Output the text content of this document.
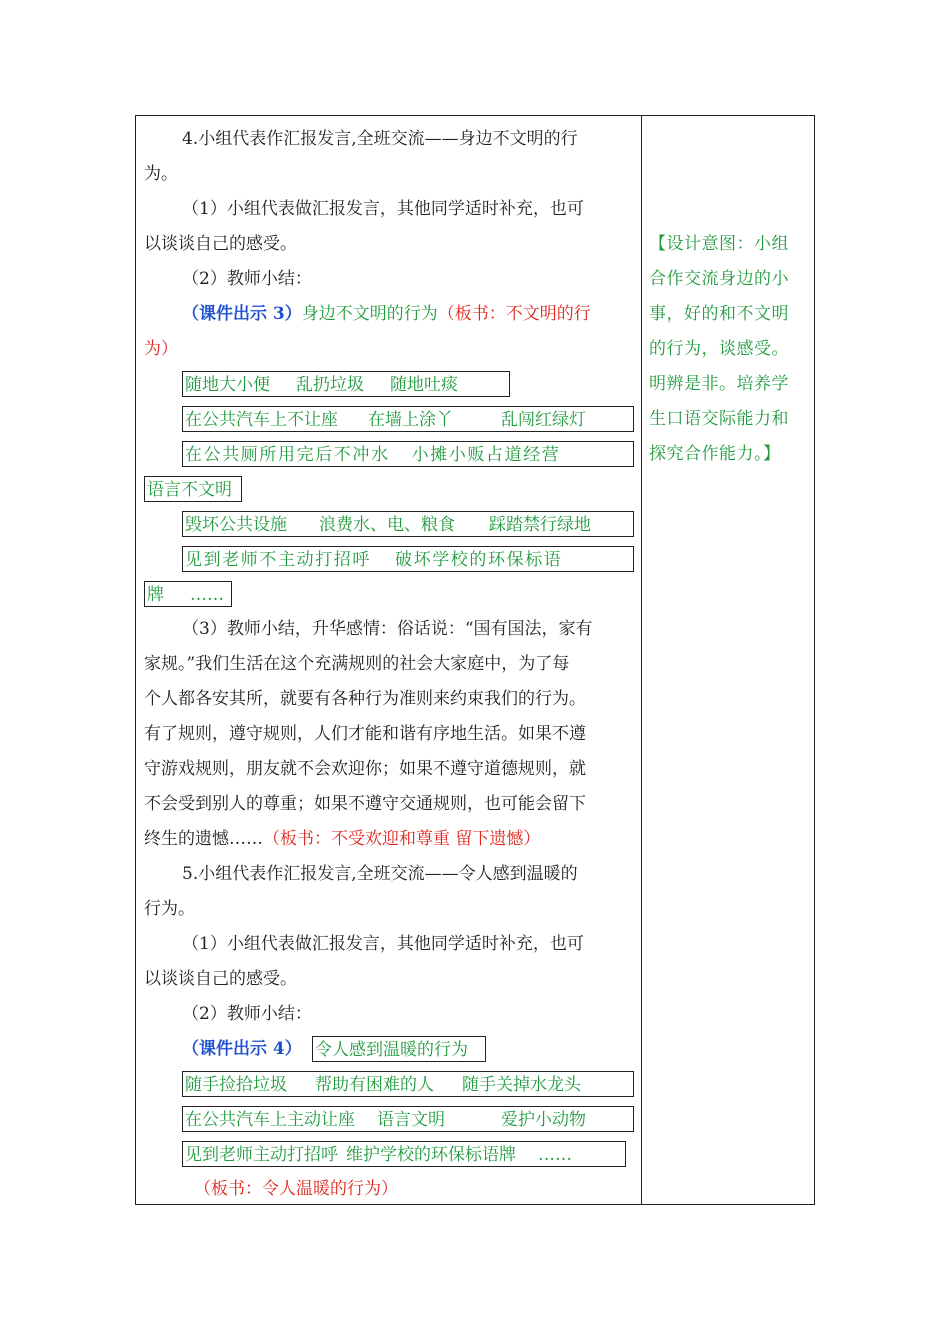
4.小组代表作汇报发言,全班交流——身边不文明的行
为。
（1）小组代表做汇报发言，其他同学适时补充，也可
以谈谈自己的感受。
（2）教师小结：
（课件出示 3）身边不文明的行为（板书：不文明的行
为）
随地大小便 乱扔垃圾 随地吐痰
在公共汽车上不让座 在墙上涂丫	乱闯红绿灯
在公共厕所用完后不冲水 小摊小贩占道经营
语言不文明
毁坏公共设施 浪费水、电、粮食 踩踏禁行绿地
见到老师不主动打招呼 破坏学校的环保标语
牌 ……
（3）教师小结，升华感情：俗话说：“国有国法，家有
家规。”我们生活在这个充满规则的社会大家庭中，为了每
个人都各安其所，就要有各种行为准则来约束我们的行为。
有了规则，遵守规则，人们才能和谐有序地生活。如果不遵
守游戏规则，朋友就不会欢迎你；如果不遵守道德规则，就
不会受到别人的尊重；如果不遵守交通规则，也可能会留下
终生的遗憾……（板书：不受欢迎和尊重 留下遗憾）
5.小组代表作汇报发言,全班交流——令人感到温暖的
行为。
（1）小组代表做汇报发言，其他同学适时补充，也可
以谈谈自己的感受。
（2）教师小结：
（课件出示 4） 令人感到温暖的行为
随手捡拾垃圾 帮助有困难的人 随手关掉水龙头
在公共汽车上主动让座 语言文明	爱护小动物
见到老师主动打招呼 维护学校的环保标语牌 ……
（板书：令人温暖的行为）
【设计意图：小组
合作交流身边的小
事，好的和不文明
的行为，谈感受。
明辨是非。培养学
生口语交际能力和
探究合作能力。】
